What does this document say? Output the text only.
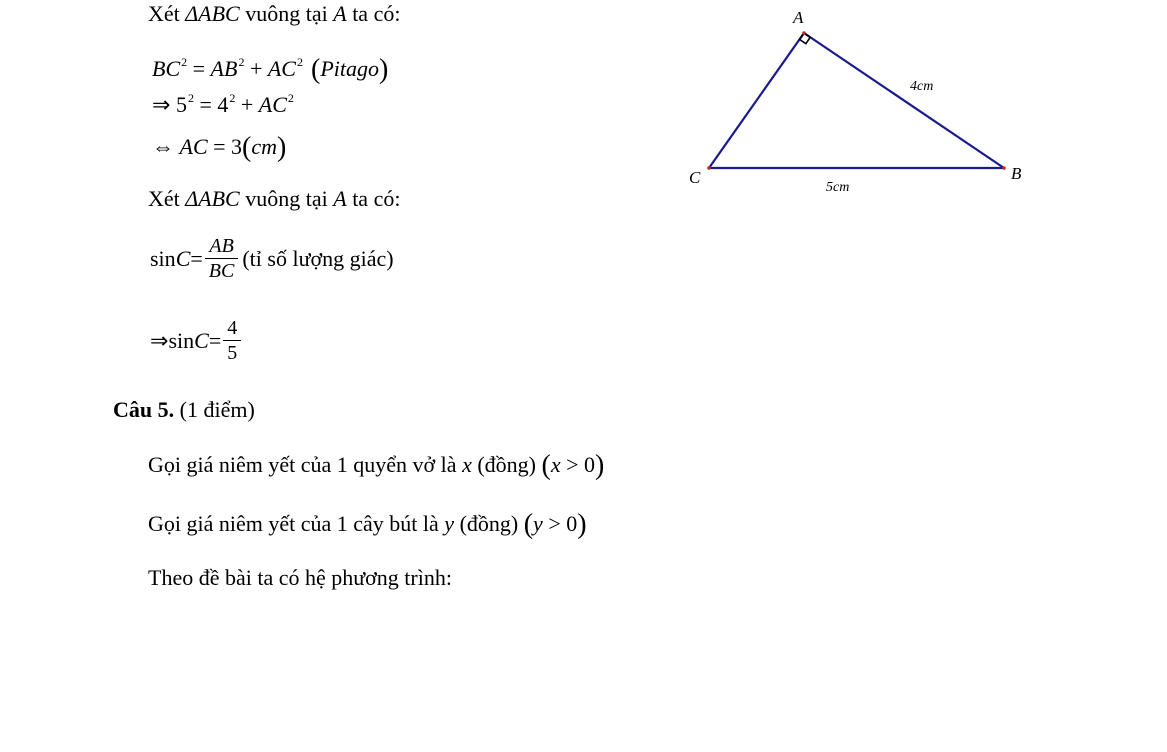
Xét ΔABC vuông tại A ta có:
$BC^2 = AB^2 + AC^2$ (Pitago)
⇒ $5^2 = 4^2 + AC^2$
⇔ AC = 3(cm)
Xét ΔABC vuông tại A ta có:
$\sin C = \frac{AB}{BC}$ (tỉ số lượng giác)
⇒ $\sin C = \frac{4}{5}$
Câu 5. (1 điểm)
Gọi giá niêm yết của 1 quyển vở là x (đồng) (x > 0)
Gọi giá niêm yết của 1 cây bút là y (đồng) (y > 0)
Theo đề bài ta có hệ phương trình:
A
B
C
4cm
5cm
